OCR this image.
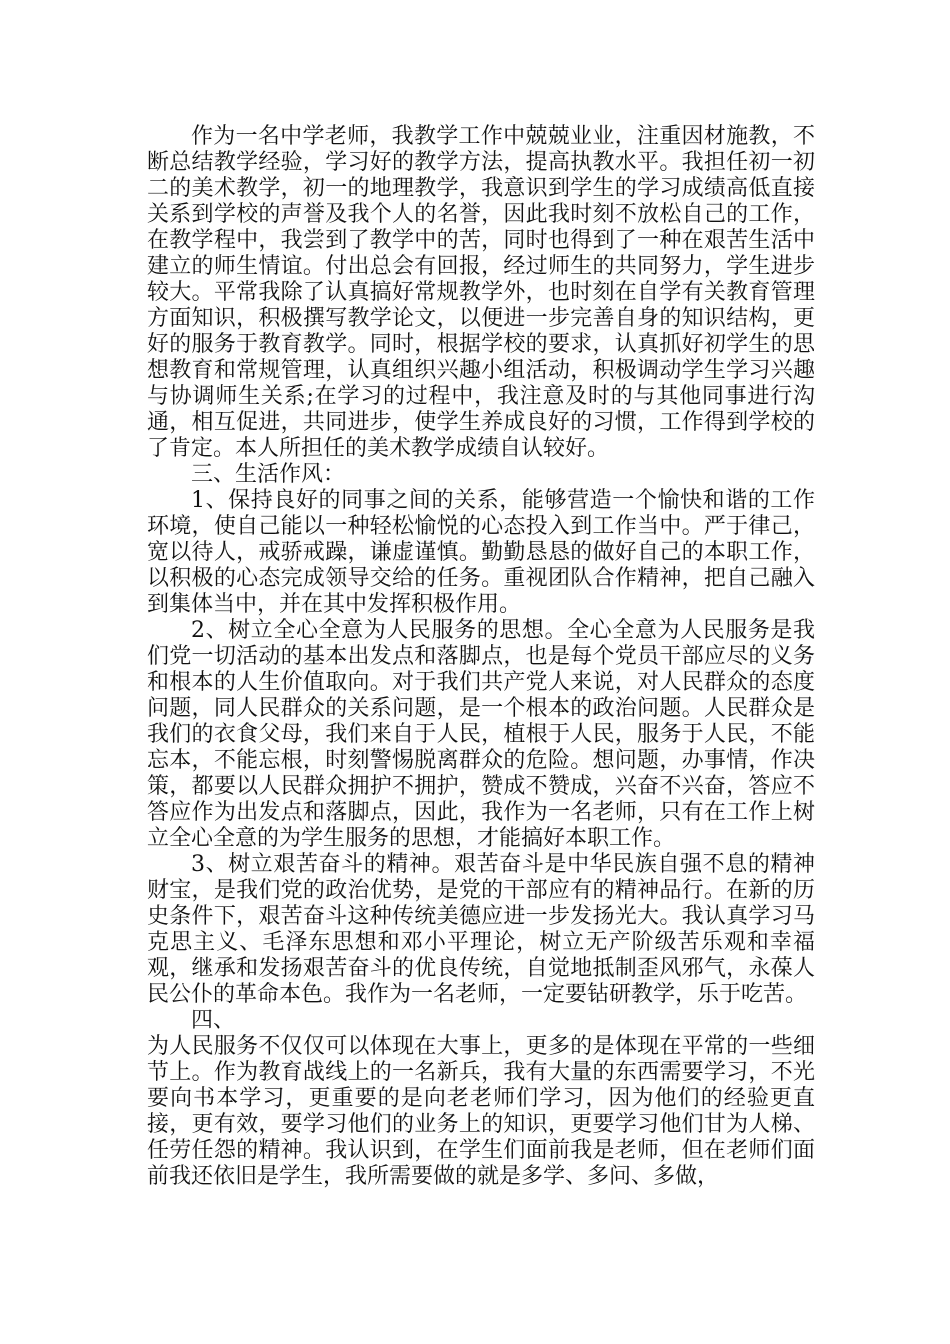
作为一名中学老师，我教学工作中兢兢业业，注重因材施教，不断总结教学经验，学习好的教学方法，提高执教水平。我担任初一初二的美术教学，初一的地理教学，我意识到学生的学习成绩高低直接关系到学校的声誉及我个人的名誉，因此我时刻不放松自己的工作，在教学程中，我尝到了教学中的苦，同时也得到了一种在艰苦生活中建立的师生情谊。付出总会有回报，经过师生的共同努力，学生进步较大。平常我除了认真搞好常规教学外，也时刻在自学有关教育管理方面知识，积极撰写教学论文，以便进一步完善自身的知识结构，更好的服务于教育教学。同时，根据学校的要求，认真抓好初学生的思想教育和常规管理，认真组织兴趣小组活动，积极调动学生学习兴趣与协调师生关系;在学习的过程中，我注意及时的与其他同事进行沟通，相互促进，共同进步，使学生养成良好的习惯，工作得到学校的了肯定。本人所担任的美术教学成绩自认较好。

三、生活作风：

1、保持良好的同事之间的关系，能够营造一个愉快和谐的工作环境，使自己能以一种轻松愉悦的心态投入到工作当中。严于律己，宽以待人，戒骄戒躁，谦虚谨慎。勤勤恳恳的做好自己的本职工作，以积极的心态完成领导交给的任务。重视团队合作精神，把自己融入到集体当中，并在其中发挥积极作用。

2、树立全心全意为人民服务的思想。全心全意为人民服务是我们党一切活动的基本出发点和落脚点，也是每个党员干部应尽的义务和根本的人生价值取向。对于我们共产党人来说，对人民群众的态度问题，同人民群众的关系问题，是一个根本的政治问题。人民群众是我们的衣食父母，我们来自于人民，植根于人民，服务于人民，不能忘本，不能忘根，时刻警惕脱离群众的危险。想问题，办事情，作决策，都要以人民群众拥护不拥护，赞成不赞成，兴奋不兴奋，答应不答应作为出发点和落脚点，因此，我作为一名老师，只有在工作上树立全心全意的为学生服务的思想，才能搞好本职工作。

3、树立艰苦奋斗的精神。艰苦奋斗是中华民族自强不息的精神财宝，是我们党的政治优势，是党的干部应有的精神品行。在新的历史条件下，艰苦奋斗这种传统美德应进一步发扬光大。我认真学习马克思主义、毛泽东思想和邓小平理论，树立无产阶级苦乐观和幸福观，继承和发扬艰苦奋斗的优良传统，自觉地抵制歪风邪气，永葆人民公仆的革命本色。我作为一名老师，一定要钻研教学，乐于吃苦。

四、

为人民服务不仅仅可以体现在大事上，更多的是体现在平常的一些细节上。作为教育战线上的一名新兵，我有大量的东西需要学习，不光要向书本学习，更重要的是向老老师们学习，因为他们的经验更直接，更有效，要学习他们的业务上的知识，更要学习他们甘为人梯、任劳任怨的精神。我认识到，在学生们面前我是老师，但在老师们面前我还依旧是学生，我所需要做的就是多学、多问、多做，
